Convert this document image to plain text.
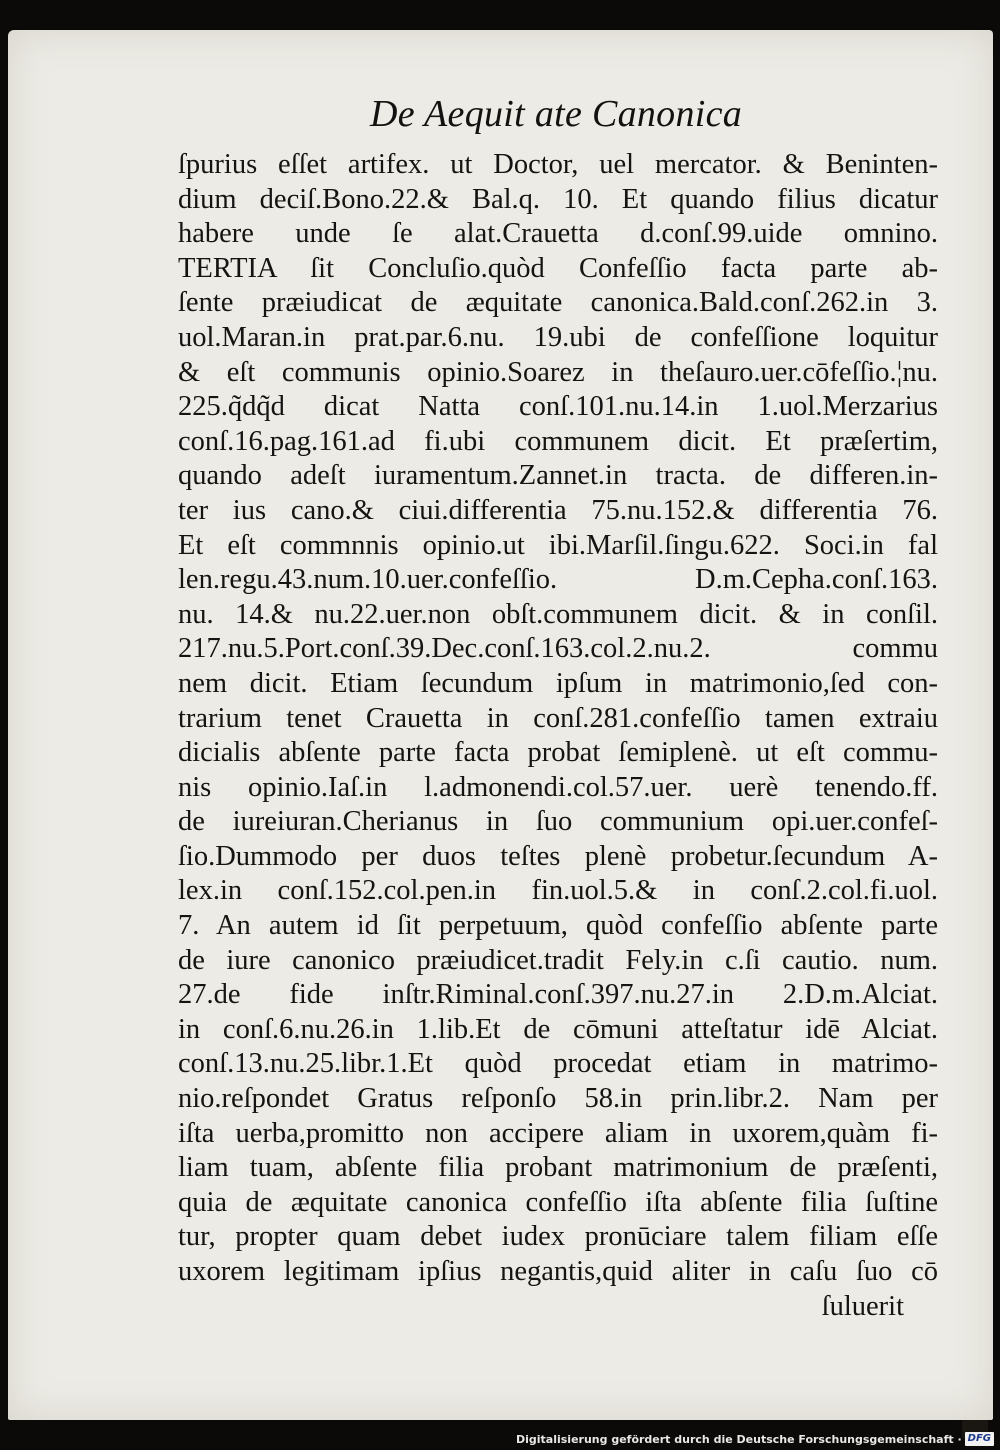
De Aequit ate Canonica
ſpurius eſſet artifex. ut Doctor, uel mercator. & Beninten-
dium deciſ.Bono.22.& Bal.q. 10. Et quando filius dicatur
habere unde ſe alat.Crauetta d.conſ.99.uide omnino.
TERTIA ſit Concluſio.quòd Confeſſio facta parte ab-
ſente præiudicat de æquitate canonica.Bald.conſ.262.in 3.
uol.Maran.in prat.par.6.nu. 19.ubi de confeſſione loquitur
& eſt communis opinio.Soarez in theſauro.uer.cōfeſſio.¦nu.
225.q̃dq̃d dicat Natta conſ.101.nu.14.in 1.uol.Merzarius
conſ.16.pag.161.ad fi.ubi communem dicit. Et præſertim,
quando adeſt iuramentum.Zannet.in tracta. de differen.in-
ter ius cano.& ciui.differentia 75.nu.152.& differentia 76.
Et eſt commnnis opinio.ut ibi.Marſil.ſingu.622. Soci.in fal
len.regu.43.num.10.uer.confeſſio. D.m.Cepha.conſ.163.
nu. 14.& nu.22.uer.non obſt.communem dicit. & in conſil.
217.nu.5.Port.conſ.39.Dec.conſ.163.col.2.nu.2. commu
nem dicit. Etiam ſecundum ipſum in matrimonio,ſed con-
trarium tenet Crauetta in conſ.281.confeſſio tamen extraiu
dicialis abſente parte facta probat ſemiplenè. ut eſt commu-
nis opinio.Iaſ.in l.admonendi.col.57.uer. uerè tenendo.ff.
de iureiuran.Cherianus in ſuo communium opi.uer.confeſ-
ſio.Dummodo per duos teſtes plenè probetur.ſecundum A-
lex.in conſ.152.col.pen.in fin.uol.5.& in conſ.2.col.fi.uol.
7. An autem id ſit perpetuum, quòd confeſſio abſente parte
de iure canonico præiudicet.tradit Fely.in c.ſi cautio. num.
27.de fide inſtr.Riminal.conſ.397.nu.27.in 2.D.m.Alciat.
in conſ.6.nu.26.in 1.lib.Et de cōmuni atteſtatur idē Alciat.
conſ.13.nu.25.libr.1.Et quòd procedat etiam in matrimo-
nio.reſpondet Gratus reſponſo 58.in prin.libr.2. Nam per
iſta uerba,promitto non accipere aliam in uxorem,quàm fi-
liam tuam, abſente filia probant matrimonium de præſenti,
quia de æquitate canonica confeſſio iſta abſente filia ſuſtine
tur, propter quam debet iudex pronūciare talem filiam eſſe
uxorem legitimam ipſius negantis,quid aliter in caſu ſuo cō
ſuluerit
Digitalisierung gefördert durch die Deutsche Forschungsgemeinschaft · DFG
